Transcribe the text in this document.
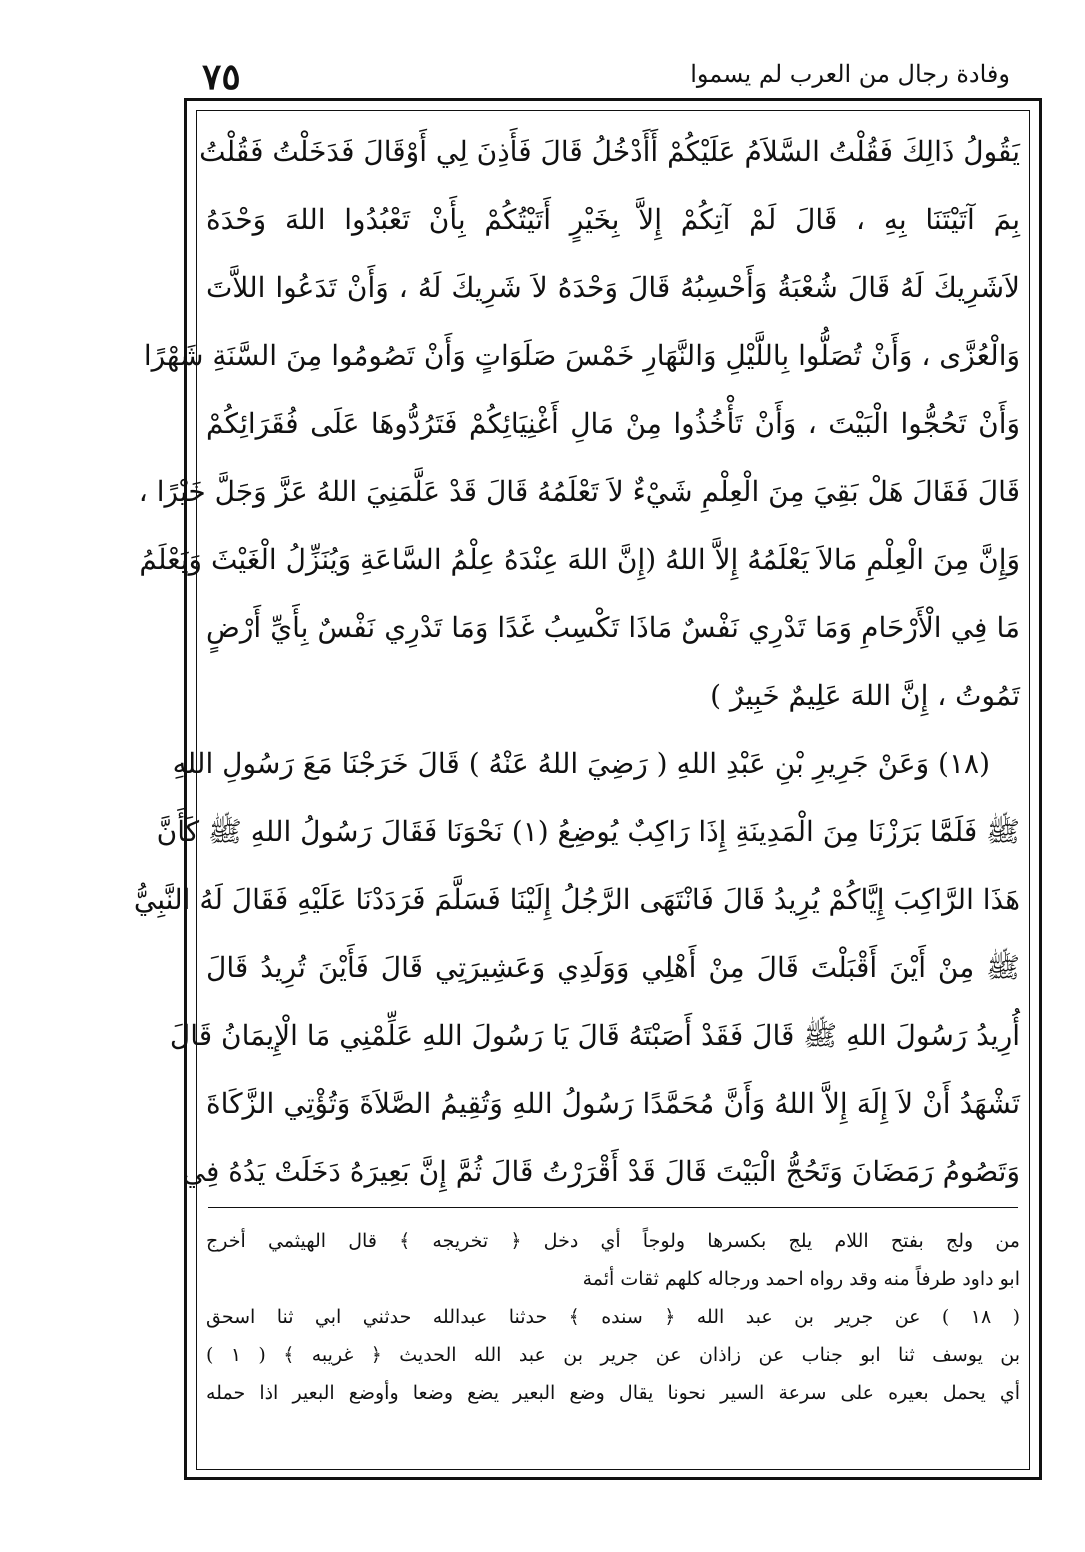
٧٥	وفادة رجال من العرب لم يسموا
يَقُولُ ذَالِكَ فَقُلْتُ السَّلاَمُ عَلَيْكُمْ أَأَدْخُلُ قَالَ فَأَذِنَ لِي أَوْقَالَ فَدَخَلْتُ فَقُلْتُ
بِمَ آتَيْتَنَا بِهِ ، قَالَ لَمْ آتِكُمْ إِلاَّ بِخَيْرٍ أَتَيْتُكُمْ بِأَنْ تَعْبُدُوا اللهَ وَحْدَهُ
لاَشَرِيكَ لَهُ قَالَ شُعْبَةُ وَأَحْسِبُهُ قَالَ وَحْدَهُ لاَ شَرِيكَ لَهُ ، وَأَنْ تَدَعُوا اللاَّتَ
وَالْعُزَّى ، وَأَنْ تُصَلُّوا بِاللَّيْلِ وَالنَّهَارِ خَمْسَ صَلَوَاتٍ وَأَنْ تَصُومُوا مِنَ السَّنَةِ شَهْرًا
وَأَنْ تَحُجُّوا الْبَيْتَ ، وَأَنْ تَأْخُذُوا مِنْ مَالِ أَغْنِيَائِكُمْ فَتَرُدُّوهَا عَلَى فُقَرَائِكُمْ
قَالَ فَقَالَ هَلْ بَقِيَ مِنَ الْعِلْمِ شَيْءٌ لاَ تَعْلَمُهُ قَالَ قَدْ عَلَّمَنِيَ اللهُ عَزَّ وَجَلَّ خَيْرًا ،
وَإِنَّ مِنَ الْعِلْمِ مَالاَ يَعْلَمُهُ إِلاَّ اللهُ (إِنَّ اللهَ عِنْدَهُ عِلْمُ السَّاعَةِ وَيُنَزِّلُ الْغَيْثَ وَيَعْلَمُ
مَا فِي الْأَرْحَامِ وَمَا تَدْرِي نَفْسٌ مَاذَا تَكْسِبُ غَدًا وَمَا تَدْرِي نَفْسٌ بِأَيِّ أَرْضٍ
تَمُوتُ ، إِنَّ اللهَ عَلِيمٌ خَبِيرٌ )
(١٨) وَعَنْ جَرِيرِ بْنِ عَبْدِ اللهِ ( رَضِيَ اللهُ عَنْهُ ) قَالَ خَرَجْنَا مَعَ رَسُولِ اللهِ
ﷺ فَلَمَّا بَرَزْنَا مِنَ الْمَدِينَةِ إِذَا رَاكِبٌ يُوضِعُ (١) نَحْوَنَا فَقَالَ رَسُولُ اللهِ ﷺ كَأَنَّ
هَذَا الرَّاكِبَ إِيَّاكُمْ يُرِيدُ قَالَ فَانْتَهَى الرَّجُلُ إِلَيْنَا فَسَلَّمَ فَرَدَدْنَا عَلَيْهِ فَقَالَ لَهُ النَّبِيُّ
ﷺ مِنْ أَيْنَ أَقْبَلْتَ قَالَ مِنْ أَهْلِي وَوَلَدِي وَعَشِيرَتِي قَالَ فَأَيْنَ تُرِيدُ قَالَ
أُرِيدُ رَسُولَ اللهِ ﷺ قَالَ فَقَدْ أَصَبْتَهُ قَالَ يَا رَسُولَ اللهِ عَلِّمْنِي مَا الْإِيمَانُ قَالَ
تَشْهَدُ أَنْ لاَ إِلَهَ إِلاَّ اللهُ وَأَنَّ مُحَمَّدًا رَسُولُ اللهِ وَتُقِيمُ الصَّلاَةَ وَتُؤْتِي الزَّكَاةَ
وَتَصُومُ رَمَضَانَ وَتَحُجُّ الْبَيْتَ قَالَ قَدْ أَقْرَرْتُ قَالَ ثُمَّ إِنَّ بَعِيرَهُ دَخَلَتْ يَدُهُ فِي
من ولج بفتح اللام يلج بكسرها ولوجاً أي دخل ﴿ تخريجه ﴾ قال الهيثمي أخرج
ابو داود طرفاً منه وقد رواه احمد ورجاله كلهم ثقات أئمة
( ١٨ ) عن جرير بن عبد الله ﴿ سنده ﴾ حدثنا عبدالله حدثني ابي ثنا اسحق
بن يوسف ثنا ابو جناب عن زاذان عن جرير بن عبد الله الحديث ﴿ غريبه ﴾ ( ١ )
أي يحمل بعيره على سرعة السير نحونا يقال وضع البعير يضع وضعا وأوضع البعير اذا حمله
